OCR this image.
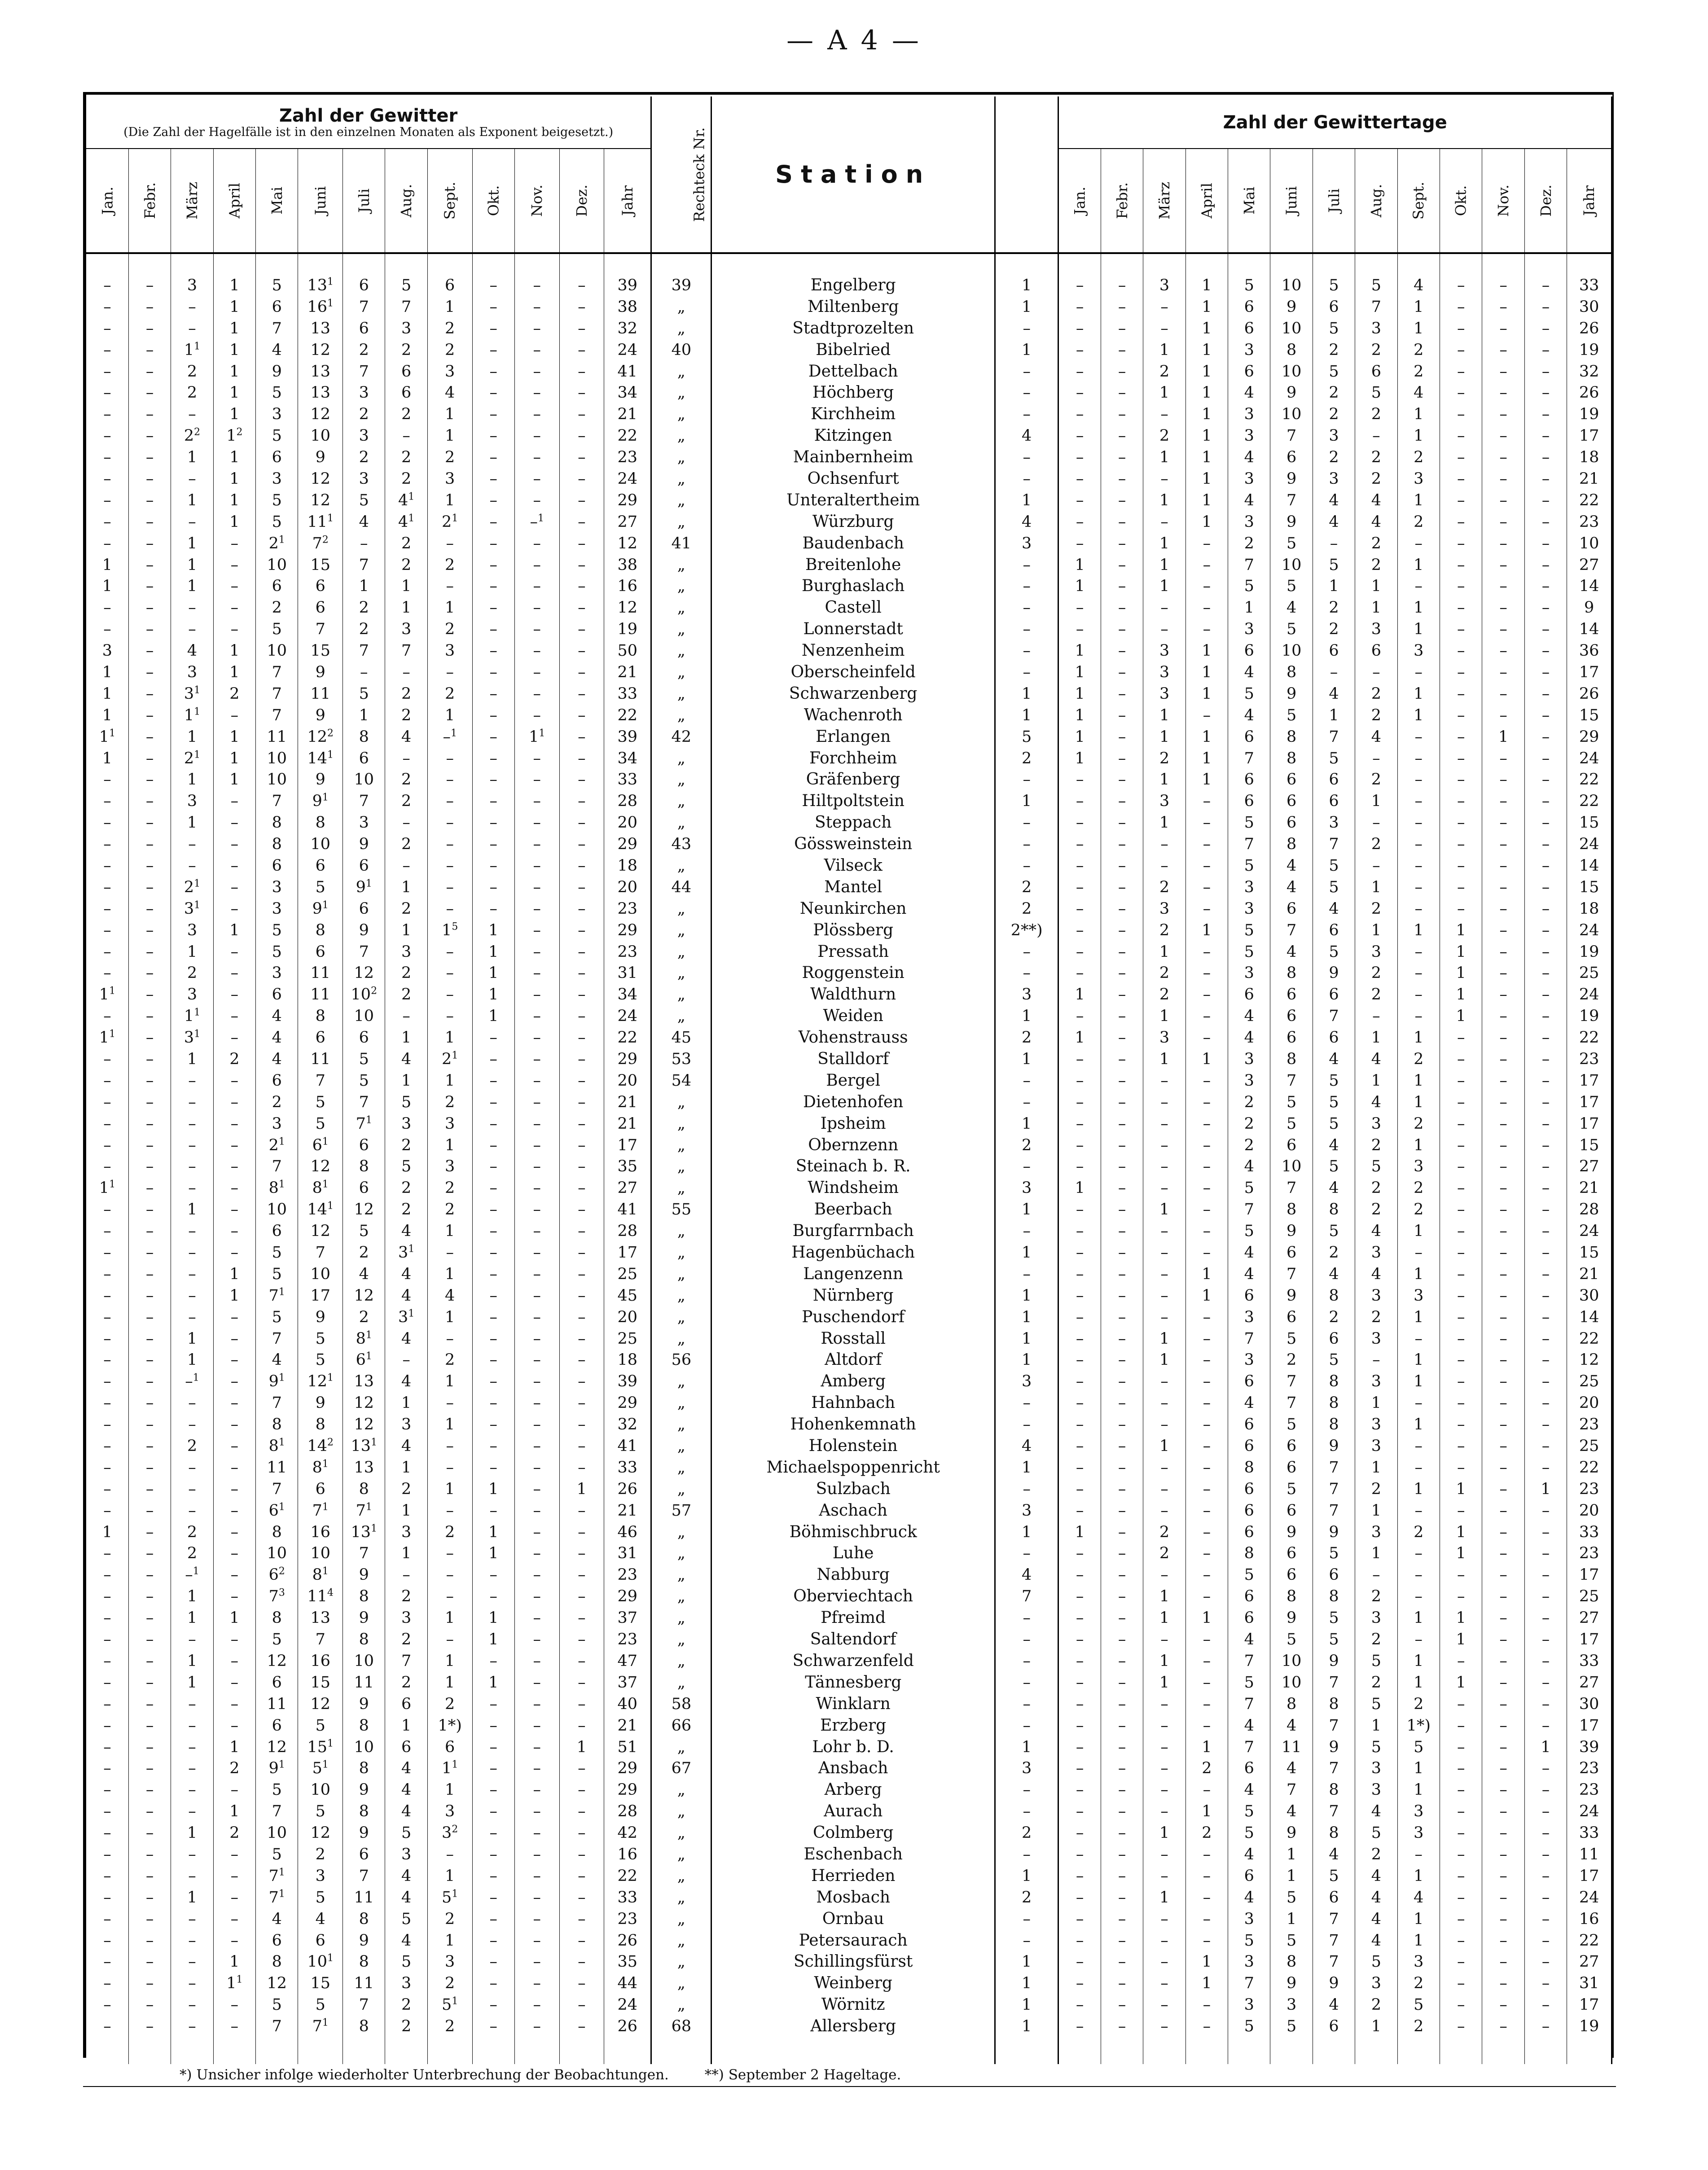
— A 4 —
Zahl der Gewitter
(Die Zahl der Hagelfälle ist in den einzelnen Monaten als Exponent beigesetzt.)													Rechteck Nr.	Station		Zahl der Gewittertage												
Jan.	Febr.	März	April	Mai	Juni	Juli	Aug.	Sept.	Okt.	Nov.	Dez.	Jahr				Jan.	Febr.	März	April	Mai	Juni	Juli	Aug.	Sept.	Okt.	Nov.	Dez.	Jahr

–	–	3	1	5	$13^1$	6	5	6	–	–	–	39	39	Engelberg	1	–	–	3	1	5	10	5	5	4	–	–	–	33
–	–	–	1	6	$16^1$	7	7	1	–	–	–	38	„	Miltenberg	1	–	–	–	1	6	9	6	7	1	–	–	–	30
–	–	–	1	7	13	6	3	2	–	–	–	32	„	Stadtprozelten	–	–	–	–	1	6	10	5	3	1	–	–	–	26
–	–	$1^1$	1	4	12	2	2	2	–	–	–	24	40	Bibelried	1	–	–	1	1	3	8	2	2	2	–	–	–	19
–	–	2	1	9	13	7	6	3	–	–	–	41	„	Dettelbach	–	–	–	2	1	6	10	5	6	2	–	–	–	32
–	–	2	1	5	13	3	6	4	–	–	–	34	„	Höchberg	–	–	–	1	1	4	9	2	5	4	–	–	–	26
–	–	–	1	3	12	2	2	1	–	–	–	21	„	Kirchheim	–	–	–	–	1	3	10	2	2	1	–	–	–	19
–	–	$2^2$	$1^2$	5	10	3	–	1	–	–	–	22	„	Kitzingen	4	–	–	2	1	3	7	3	–	1	–	–	–	17
–	–	1	1	6	9	2	2	2	–	–	–	23	„	Mainbernheim	–	–	–	1	1	4	6	2	2	2	–	–	–	18
–	–	–	1	3	12	3	2	3	–	–	–	24	„	Ochsenfurt	–	–	–	–	1	3	9	3	2	3	–	–	–	21
–	–	1	1	5	12	5	$4^1$	1	–	–	–	29	„	Unteraltertheim	1	–	–	1	1	4	7	4	4	1	–	–	–	22
–	–	–	1	5	$11^1$	4	$4^1$	$2^1$	–	–$^1$	–	27	„	Würzburg	4	–	–	–	1	3	9	4	4	2	–	–	–	23
–	–	1	–	$2^1$	$7^2$	–	2	–	–	–	–	12	41	Baudenbach	3	–	–	1	–	2	5	–	2	–	–	–	–	10
1	–	1	–	10	15	7	2	2	–	–	–	38	„	Breitenlohe	–	1	–	1	–	7	10	5	2	1	–	–	–	27
1	–	1	–	6	6	1	1	–	–	–	–	16	„	Burghaslach	–	1	–	1	–	5	5	1	1	–	–	–	–	14
–	–	–	–	2	6	2	1	1	–	–	–	12	„	Castell	–	–	–	–	–	1	4	2	1	1	–	–	–	9
–	–	–	–	5	7	2	3	2	–	–	–	19	„	Lonnerstadt	–	–	–	–	–	3	5	2	3	1	–	–	–	14
3	–	4	1	10	15	7	7	3	–	–	–	50	„	Nenzenheim	–	1	–	3	1	6	10	6	6	3	–	–	–	36
1	–	3	1	7	9	–	–	–	–	–	–	21	„	Oberscheinfeld	–	1	–	3	1	4	8	–	–	–	–	–	–	17
1	–	$3^1$	2	7	11	5	2	2	–	–	–	33	„	Schwarzenberg	1	1	–	3	1	5	9	4	2	1	–	–	–	26
1	–	$1^1$	–	7	9	1	2	1	–	–	–	22	„	Wachenroth	1	1	–	1	–	4	5	1	2	1	–	–	–	15
$1^1$	–	1	1	11	$12^2$	8	4	–$^1$	–	$1^1$	–	39	42	Erlangen	5	1	–	1	1	6	8	7	4	–	–	1	–	29
1	–	$2^1$	1	10	$14^1$	6	–	–	–	–	–	34	„	Forchheim	2	1	–	2	1	7	8	5	–	–	–	–	–	24
–	–	1	1	10	9	10	2	–	–	–	–	33	„	Gräfenberg	–	–	–	1	1	6	6	6	2	–	–	–	–	22
–	–	3	–	7	$9^1$	7	2	–	–	–	–	28	„	Hiltpoltstein	1	–	–	3	–	6	6	6	1	–	–	–	–	22
–	–	1	–	8	8	3	–	–	–	–	–	20	„	Steppach	–	–	–	1	–	5	6	3	–	–	–	–	–	15
–	–	–	–	8	10	9	2	–	–	–	–	29	43	Gössweinstein	–	–	–	–	–	7	8	7	2	–	–	–	–	24
–	–	–	–	6	6	6	–	–	–	–	–	18	„	Vilseck	–	–	–	–	–	5	4	5	–	–	–	–	–	14
–	–	$2^1$	–	3	5	$9^1$	1	–	–	–	–	20	44	Mantel	2	–	–	2	–	3	4	5	1	–	–	–	–	15
–	–	$3^1$	–	3	$9^1$	6	2	–	–	–	–	23	„	Neunkirchen	2	–	–	3	–	3	6	4	2	–	–	–	–	18
–	–	3	1	5	8	9	1	$1^5$	1	–	–	29	„	Plössberg	2**)	–	–	2	1	5	7	6	1	1	1	–	–	24
–	–	1	–	5	6	7	3	–	1	–	–	23	„	Pressath	–	–	–	1	–	5	4	5	3	–	1	–	–	19
–	–	2	–	3	11	12	2	–	1	–	–	31	„	Roggenstein	–	–	–	2	–	3	8	9	2	–	1	–	–	25
$1^1$	–	3	–	6	11	$10^2$	2	–	1	–	–	34	„	Waldthurn	3	1	–	2	–	6	6	6	2	–	1	–	–	24
–	–	$1^1$	–	4	8	10	–	–	1	–	–	24	„	Weiden	1	–	–	1	–	4	6	7	–	–	1	–	–	19
$1^1$	–	$3^1$	–	4	6	6	1	1	–	–	–	22	45	Vohenstrauss	2	1	–	3	–	4	6	6	1	1	–	–	–	22
–	–	1	2	4	11	5	4	$2^1$	–	–	–	29	53	Stalldorf	1	–	–	1	1	3	8	4	4	2	–	–	–	23
–	–	–	–	6	7	5	1	1	–	–	–	20	54	Bergel	–	–	–	–	–	3	7	5	1	1	–	–	–	17
–	–	–	–	2	5	7	5	2	–	–	–	21	„	Dietenhofen	–	–	–	–	–	2	5	5	4	1	–	–	–	17
–	–	–	–	3	5	$7^1$	3	3	–	–	–	21	„	Ipsheim	1	–	–	–	–	2	5	5	3	2	–	–	–	17
–	–	–	–	$2^1$	$6^1$	6	2	1	–	–	–	17	„	Obernzenn	2	–	–	–	–	2	6	4	2	1	–	–	–	15
–	–	–	–	7	12	8	5	3	–	–	–	35	„	Steinach b. R.	–	–	–	–	–	4	10	5	5	3	–	–	–	27
$1^1$	–	–	–	$8^1$	$8^1$	6	2	2	–	–	–	27	„	Windsheim	3	1	–	–	–	5	7	4	2	2	–	–	–	21
–	–	1	–	10	$14^1$	12	2	2	–	–	–	41	55	Beerbach	1	–	–	1	–	7	8	8	2	2	–	–	–	28
–	–	–	–	6	12	5	4	1	–	–	–	28	„	Burgfarrnbach	–	–	–	–	–	5	9	5	4	1	–	–	–	24
–	–	–	–	5	7	2	$3^1$	–	–	–	–	17	„	Hagenbüchach	1	–	–	–	–	4	6	2	3	–	–	–	–	15
–	–	–	1	5	10	4	4	1	–	–	–	25	„	Langenzenn	–	–	–	–	1	4	7	4	4	1	–	–	–	21
–	–	–	1	$7^1$	17	12	4	4	–	–	–	45	„	Nürnberg	1	–	–	–	1	6	9	8	3	3	–	–	–	30
–	–	–	–	5	9	2	$3^1$	1	–	–	–	20	„	Puschendorf	1	–	–	–	–	3	6	2	2	1	–	–	–	14
–	–	1	–	7	5	$8^1$	4	–	–	–	–	25	„	Rosstall	1	–	–	1	–	7	5	6	3	–	–	–	–	22
–	–	1	–	4	5	$6^1$	–	2	–	–	–	18	56	Altdorf	1	–	–	1	–	3	2	5	–	1	–	–	–	12
–	–	–$^1$	–	$9^1$	$12^1$	13	4	1	–	–	–	39	„	Amberg	3	–	–	–	–	6	7	8	3	1	–	–	–	25
–	–	–	–	7	9	12	1	–	–	–	–	29	„	Hahnbach	–	–	–	–	–	4	7	8	1	–	–	–	–	20
–	–	–	–	8	8	12	3	1	–	–	–	32	„	Hohenkemnath	–	–	–	–	–	6	5	8	3	1	–	–	–	23
–	–	2	–	$8^1$	$14^2$	$13^1$	4	–	–	–	–	41	„	Holenstein	4	–	–	1	–	6	6	9	3	–	–	–	–	25
–	–	–	–	11	$8^1$	13	1	–	–	–	–	33	„	Michaelspoppenricht	1	–	–	–	–	8	6	7	1	–	–	–	–	22
–	–	–	–	7	6	8	2	1	1	–	1	26	„	Sulzbach	–	–	–	–	–	6	5	7	2	1	1	–	1	23
–	–	–	–	$6^1$	$7^1$	$7^1$	1	–	–	–	–	21	57	Aschach	3	–	–	–	–	6	6	7	1	–	–	–	–	20
1	–	2	–	8	16	$13^1$	3	2	1	–	–	46	„	Böhmischbruck	1	1	–	2	–	6	9	9	3	2	1	–	–	33
–	–	2	–	10	10	7	1	–	1	–	–	31	„	Luhe	–	–	–	2	–	8	6	5	1	–	1	–	–	23
–	–	–$^1$	–	$6^2$	$8^1$	9	–	–	–	–	–	23	„	Nabburg	4	–	–	–	–	5	6	6	–	–	–	–	–	17
–	–	1	–	$7^3$	$11^4$	8	2	–	–	–	–	29	„	Oberviechtach	7	–	–	1	–	6	8	8	2	–	–	–	–	25
–	–	1	1	8	13	9	3	1	1	–	–	37	„	Pfreimd	–	–	–	1	1	6	9	5	3	1	1	–	–	27
–	–	–	–	5	7	8	2	–	1	–	–	23	„	Saltendorf	–	–	–	–	–	4	5	5	2	–	1	–	–	17
–	–	1	–	12	16	10	7	1	–	–	–	47	„	Schwarzenfeld	–	–	–	1	–	7	10	9	5	1	–	–	–	33
–	–	1	–	6	15	11	2	1	1	–	–	37	„	Tännesberg	–	–	–	1	–	5	10	7	2	1	1	–	–	27
–	–	–	–	11	12	9	6	2	–	–	–	40	58	Winklarn	–	–	–	–	–	7	8	8	5	2	–	–	–	30
–	–	–	–	6	5	8	1	1*)	–	–	–	21	66	Erzberg	–	–	–	–	–	4	4	7	1	1*)	–	–	–	17
–	–	–	1	12	$15^1$	10	6	6	–	–	1	51	„	Lohr b. D.	1	–	–	–	1	7	11	9	5	5	–	–	1	39
–	–	–	2	$9^1$	$5^1$	8	4	$1^1$	–	–	–	29	67	Ansbach	3	–	–	–	2	6	4	7	3	1	–	–	–	23
–	–	–	–	5	10	9	4	1	–	–	–	29	„	Arberg	–	–	–	–	–	4	7	8	3	1	–	–	–	23
–	–	–	1	7	5	8	4	3	–	–	–	28	„	Aurach	–	–	–	–	1	5	4	7	4	3	–	–	–	24
–	–	1	2	10	12	9	5	$3^2$	–	–	–	42	„	Colmberg	2	–	–	1	2	5	9	8	5	3	–	–	–	33
–	–	–	–	5	2	6	3	–	–	–	–	16	„	Eschenbach	–	–	–	–	–	4	1	4	2	–	–	–	–	11
–	–	–	–	$7^1$	3	7	4	1	–	–	–	22	„	Herrieden	1	–	–	–	–	6	1	5	4	1	–	–	–	17
–	–	1	–	$7^1$	5	11	4	$5^1$	–	–	–	33	„	Mosbach	2	–	–	1	–	4	5	6	4	4	–	–	–	24
–	–	–	–	4	4	8	5	2	–	–	–	23	„	Ornbau	–	–	–	–	–	3	1	7	4	1	–	–	–	16
–	–	–	–	6	6	9	4	1	–	–	–	26	„	Petersaurach	–	–	–	–	–	5	5	7	4	1	–	–	–	22
–	–	–	1	8	$10^1$	8	5	3	–	–	–	35	„	Schillingsfürst	1	–	–	–	1	3	8	7	5	3	–	–	–	27
–	–	–	$1^1$	12	15	11	3	2	–	–	–	44	„	Weinberg	1	–	–	–	1	7	9	9	3	2	–	–	–	31
–	–	–	–	5	5	7	2	$5^1$	–	–	–	24	„	Wörnitz	1	–	–	–	–	3	3	4	2	5	–	–	–	17
–	–	–	–	7	$7^1$	8	2	2	–	–	–	26	68	Allersberg	1	–	–	–	–	5	5	6	1	2	–	–	–	19

*) Unsicher infolge wiederholter Unterbrechung der Beobachtungen.	**) September 2 Hageltage.
